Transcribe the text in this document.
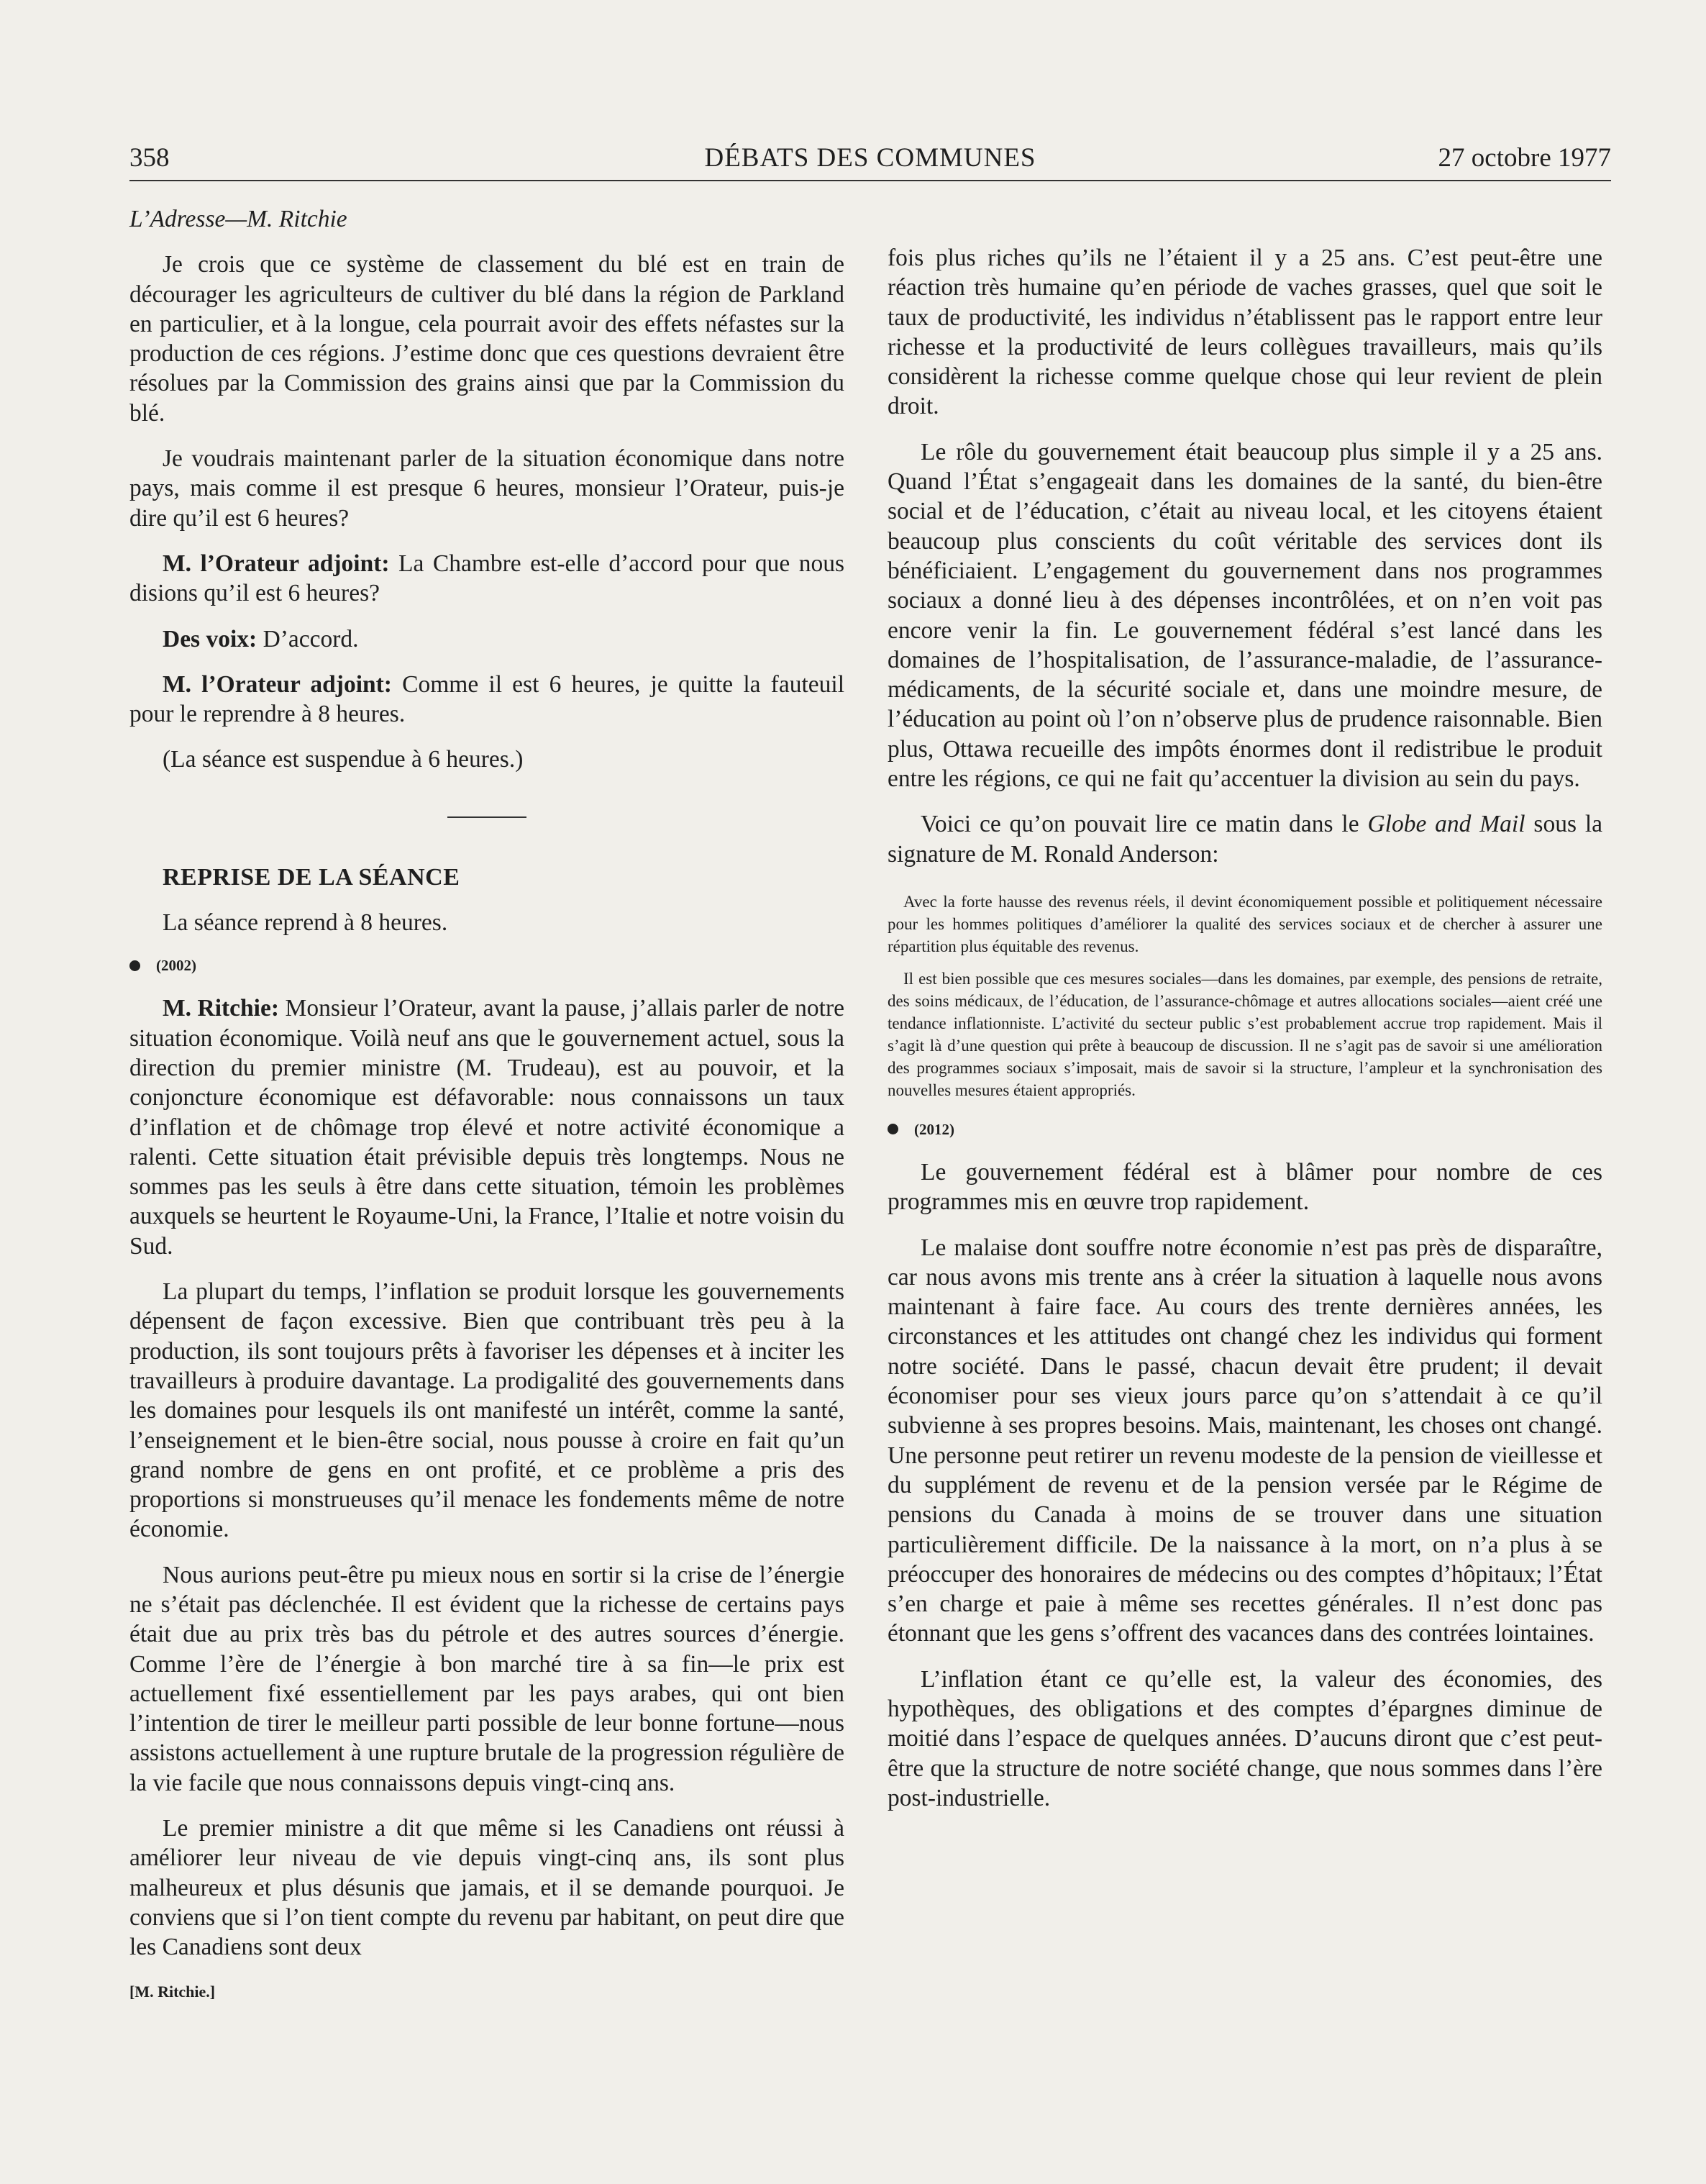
358	DÉBATS DES COMMUNES	27 octobre 1977

L’Adresse—M. Ritchie

Je crois que ce système de classement du blé est en train de décourager les agriculteurs de cultiver du blé dans la région de Parkland en particulier, et à la longue, cela pourrait avoir des effets néfastes sur la production de ces régions. J’estime donc que ces questions devraient être résolues par la Commission des grains ainsi que par la Commission du blé.

Je voudrais maintenant parler de la situation économique dans notre pays, mais comme il est presque 6 heures, monsieur l’Orateur, puis-je dire qu’il est 6 heures?

M. l’Orateur adjoint: La Chambre est-elle d’accord pour que nous disions qu’il est 6 heures?

Des voix: D’accord.

M. l’Orateur adjoint: Comme il est 6 heures, je quitte la fauteuil pour le reprendre à 8 heures.

(La séance est suspendue à 6 heures.)

REPRISE DE LA SÉANCE

La séance reprend à 8 heures.

(2002)

M. Ritchie: Monsieur l’Orateur, avant la pause, j’allais parler de notre situation économique. Voilà neuf ans que le gouvernement actuel, sous la direction du premier ministre (M. Trudeau), est au pouvoir, et la conjoncture économique est défavorable: nous connaissons un taux d’inflation et de chômage trop élevé et notre activité économique a ralenti. Cette situation était prévisible depuis très longtemps. Nous ne sommes pas les seuls à être dans cette situation, témoin les problèmes auxquels se heurtent le Royaume-Uni, la France, l’Italie et notre voisin du Sud.

La plupart du temps, l’inflation se produit lorsque les gouvernements dépensent de façon excessive. Bien que contribuant très peu à la production, ils sont toujours prêts à favoriser les dépenses et à inciter les travailleurs à produire davantage. La prodigalité des gouvernements dans les domaines pour lesquels ils ont manifesté un intérêt, comme la santé, l’enseignement et le bien-être social, nous pousse à croire en fait qu’un grand nombre de gens en ont profité, et ce problème a pris des proportions si monstrueuses qu’il menace les fondements même de notre économie.

Nous aurions peut-être pu mieux nous en sortir si la crise de l’énergie ne s’était pas déclenchée. Il est évident que la richesse de certains pays était due au prix très bas du pétrole et des autres sources d’énergie. Comme l’ère de l’énergie à bon marché tire à sa fin—le prix est actuellement fixé essentiellement par les pays arabes, qui ont bien l’intention de tirer le meilleur parti possible de leur bonne fortune—nous assistons actuellement à une rupture brutale de la progression régulière de la vie facile que nous connaissons depuis vingt-cinq ans.

Le premier ministre a dit que même si les Canadiens ont réussi à améliorer leur niveau de vie depuis vingt-cinq ans, ils sont plus malheureux et plus désunis que jamais, et il se demande pourquoi. Je conviens que si l’on tient compte du revenu par habitant, on peut dire que les Canadiens sont deux

[M. Ritchie.]

fois plus riches qu’ils ne l’étaient il y a 25 ans. C’est peut-être une réaction très humaine qu’en période de vaches grasses, quel que soit le taux de productivité, les individus n’établissent pas le rapport entre leur richesse et la productivité de leurs collègues travailleurs, mais qu’ils considèrent la richesse comme quelque chose qui leur revient de plein droit.

Le rôle du gouvernement était beaucoup plus simple il y a 25 ans. Quand l’État s’engageait dans les domaines de la santé, du bien-être social et de l’éducation, c’était au niveau local, et les citoyens étaient beaucoup plus conscients du coût véritable des services dont ils bénéficiaient. L’engagement du gouvernement dans nos programmes sociaux a donné lieu à des dépenses incontrôlées, et on n’en voit pas encore venir la fin. Le gouvernement fédéral s’est lancé dans les domaines de l’hospitalisation, de l’assurance-maladie, de l’assurance-médicaments, de la sécurité sociale et, dans une moindre mesure, de l’éducation au point où l’on n’observe plus de prudence raisonnable. Bien plus, Ottawa recueille des impôts énormes dont il redistribue le produit entre les régions, ce qui ne fait qu’accentuer la division au sein du pays.

Voici ce qu’on pouvait lire ce matin dans le Globe and Mail sous la signature de M. Ronald Anderson:

Avec la forte hausse des revenus réels, il devint économiquement possible et politiquement nécessaire pour les hommes politiques d’améliorer la qualité des services sociaux et de chercher à assurer une répartition plus équitable des revenus.

Il est bien possible que ces mesures sociales—dans les domaines, par exemple, des pensions de retraite, des soins médicaux, de l’éducation, de l’assurance-chômage et autres allocations sociales—aient créé une tendance inflationniste. L’activité du secteur public s’est probablement accrue trop rapidement. Mais il s’agit là d’une question qui prête à beaucoup de discussion. Il ne s’agit pas de savoir si une amélioration des programmes sociaux s’imposait, mais de savoir si la structure, l’ampleur et la synchronisation des nouvelles mesures étaient appropriés.

(2012)

Le gouvernement fédéral est à blâmer pour nombre de ces programmes mis en œuvre trop rapidement.

Le malaise dont souffre notre économie n’est pas près de disparaître, car nous avons mis trente ans à créer la situation à laquelle nous avons maintenant à faire face. Au cours des trente dernières années, les circonstances et les attitudes ont changé chez les individus qui forment notre société. Dans le passé, chacun devait être prudent; il devait économiser pour ses vieux jours parce qu’on s’attendait à ce qu’il subvienne à ses propres besoins. Mais, maintenant, les choses ont changé. Une personne peut retirer un revenu modeste de la pension de vieillesse et du supplément de revenu et de la pension versée par le Régime de pensions du Canada à moins de se trouver dans une situation particulièrement difficile. De la naissance à la mort, on n’a plus à se préoccuper des honoraires de médecins ou des comptes d’hôpitaux; l’État s’en charge et paie à même ses recettes générales. Il n’est donc pas étonnant que les gens s’offrent des vacances dans des contrées lointaines.

L’inflation étant ce qu’elle est, la valeur des économies, des hypothèques, des obligations et des comptes d’épargnes diminue de moitié dans l’espace de quelques années. D’aucuns diront que c’est peut-être que la structure de notre société change, que nous sommes dans l’ère post-industrielle.
